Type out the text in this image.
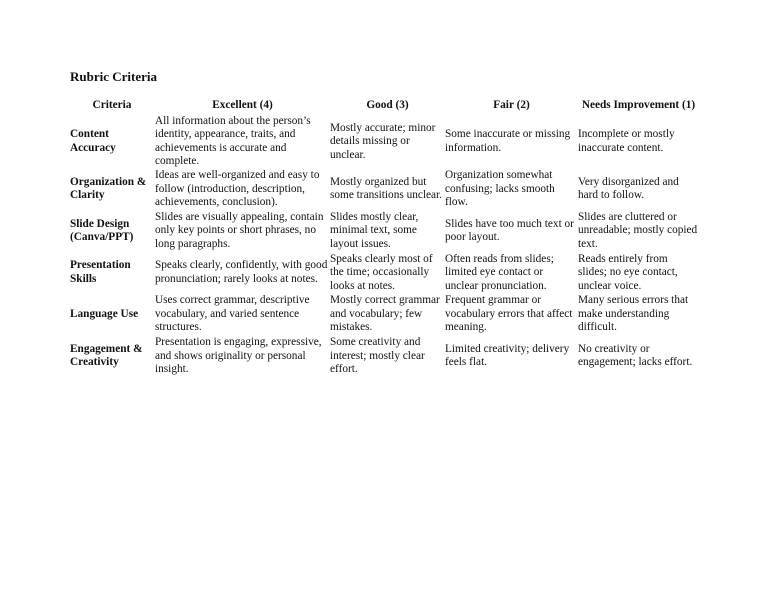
Rubric Criteria
Criteria	Excellent (4)	Good (3)	Fair (2)	Needs Improvement (1)
Content Accuracy	All information about the person’s identity, appearance, traits, and achievements is accurate and complete.	Mostly accurate; minor details missing or unclear.	Some inaccurate or missing information.	Incomplete or mostly inaccurate content.
Organization & Clarity	Ideas are well-organized and easy to follow (introduction, description, achievements, conclusion).	Mostly organized but some transitions unclear.	Organization somewhat confusing; lacks smooth flow.	Very disorganized and hard to follow.
Slide Design (Canva/PPT)	Slides are visually appealing, contain only key points or short phrases, no long paragraphs.	Slides mostly clear, minimal text, some layout issues.	Slides have too much text or poor layout.	Slides are cluttered or unreadable; mostly copied text.
Presentation Skills	Speaks clearly, confidently, with good pronunciation; rarely looks at notes.	Speaks clearly most of the time; occasionally looks at notes.	Often reads from slides; limited eye contact or unclear pronunciation.	Reads entirely from slides; no eye contact, unclear voice.
Language Use	Uses correct grammar, descriptive vocabulary, and varied sentence structures.	Mostly correct grammar and vocabulary; few mistakes.	Frequent grammar or vocabulary errors that affect meaning.	Many serious errors that make understanding difficult.
Engagement & Creativity	Presentation is engaging, expressive, and shows originality or personal insight.	Some creativity and interest; mostly clear effort.	Limited creativity; delivery feels flat.	No creativity or engagement; lacks effort.
